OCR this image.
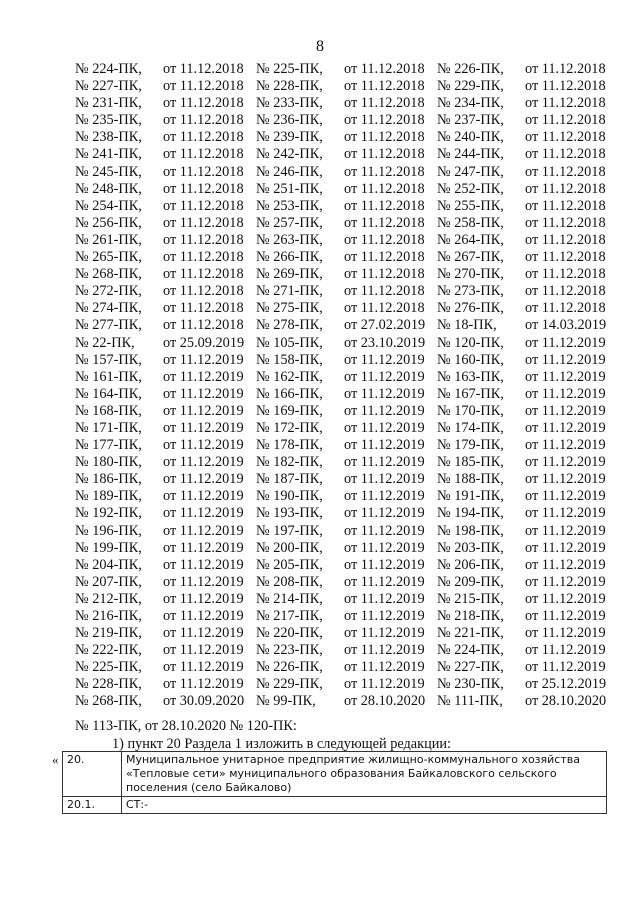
8
№ 224-ПК, от 11.12.2018 № 225-ПК, от 11.12.2018 № 226-ПК, от 11.12.2018
№ 227-ПК, от 11.12.2018 № 228-ПК, от 11.12.2018 № 229-ПК, от 11.12.2018
№ 231-ПК, от 11.12.2018 № 233-ПК, от 11.12.2018 № 234-ПК, от 11.12.2018
№ 235-ПК, от 11.12.2018 № 236-ПК, от 11.12.2018 № 237-ПК, от 11.12.2018
№ 238-ПК, от 11.12.2018 № 239-ПК, от 11.12.2018 № 240-ПК, от 11.12.2018
№ 241-ПК, от 11.12.2018 № 242-ПК, от 11.12.2018 № 244-ПК, от 11.12.2018
№ 245-ПК, от 11.12.2018 № 246-ПК, от 11.12.2018 № 247-ПК, от 11.12.2018
№ 248-ПК, от 11.12.2018 № 251-ПК, от 11.12.2018 № 252-ПК, от 11.12.2018
№ 254-ПК, от 11.12.2018 № 253-ПК, от 11.12.2018 № 255-ПК, от 11.12.2018
№ 256-ПК, от 11.12.2018 № 257-ПК, от 11.12.2018 № 258-ПК, от 11.12.2018
№ 261-ПК, от 11.12.2018 № 263-ПК, от 11.12.2018 № 264-ПК, от 11.12.2018
№ 265-ПК, от 11.12.2018 № 266-ПК, от 11.12.2018 № 267-ПК, от 11.12.2018
№ 268-ПК, от 11.12.2018 № 269-ПК, от 11.12.2018 № 270-ПК, от 11.12.2018
№ 272-ПК, от 11.12.2018 № 271-ПК, от 11.12.2018 № 273-ПК, от 11.12.2018
№ 274-ПК, от 11.12.2018 № 275-ПК, от 11.12.2018 № 276-ПК, от 11.12.2018
№ 277-ПК, от 11.12.2018 № 278-ПК, от 27.02.2019 № 18-ПК, от 14.03.2019
№ 22-ПК, от 25.09.2019 № 105-ПК, от 23.10.2019 № 120-ПК, от 11.12.2019
№ 157-ПК, от 11.12.2019 № 158-ПК, от 11.12.2019 № 160-ПК, от 11.12.2019
№ 161-ПК, от 11.12.2019 № 162-ПК, от 11.12.2019 № 163-ПК, от 11.12.2019
№ 164-ПК, от 11.12.2019 № 166-ПК, от 11.12.2019 № 167-ПК, от 11.12.2019
№ 168-ПК, от 11.12.2019 № 169-ПК, от 11.12.2019 № 170-ПК, от 11.12.2019
№ 171-ПК, от 11.12.2019 № 172-ПК, от 11.12.2019 № 174-ПК, от 11.12.2019
№ 177-ПК, от 11.12.2019 № 178-ПК, от 11.12.2019 № 179-ПК, от 11.12.2019
№ 180-ПК, от 11.12.2019 № 182-ПК, от 11.12.2019 № 185-ПК, от 11.12.2019
№ 186-ПК, от 11.12.2019 № 187-ПК, от 11.12.2019 № 188-ПК, от 11.12.2019
№ 189-ПК, от 11.12.2019 № 190-ПК, от 11.12.2019 № 191-ПК, от 11.12.2019
№ 192-ПК, от 11.12.2019 № 193-ПК, от 11.12.2019 № 194-ПК, от 11.12.2019
№ 196-ПК, от 11.12.2019 № 197-ПК, от 11.12.2019 № 198-ПК, от 11.12.2019
№ 199-ПК, от 11.12.2019 № 200-ПК, от 11.12.2019 № 203-ПК, от 11.12.2019
№ 204-ПК, от 11.12.2019 № 205-ПК, от 11.12.2019 № 206-ПК, от 11.12.2019
№ 207-ПК, от 11.12.2019 № 208-ПК, от 11.12.2019 № 209-ПК, от 11.12.2019
№ 212-ПК, от 11.12.2019 № 214-ПК, от 11.12.2019 № 215-ПК, от 11.12.2019
№ 216-ПК, от 11.12.2019 № 217-ПК, от 11.12.2019 № 218-ПК, от 11.12.2019
№ 219-ПК, от 11.12.2019 № 220-ПК, от 11.12.2019 № 221-ПК, от 11.12.2019
№ 222-ПК, от 11.12.2019 № 223-ПК, от 11.12.2019 № 224-ПК, от 11.12.2019
№ 225-ПК, от 11.12.2019 № 226-ПК, от 11.12.2019 № 227-ПК, от 11.12.2019
№ 228-ПК, от 11.12.2019 № 229-ПК, от 11.12.2019 № 230-ПК, от 25.12.2019
№ 268-ПК, от 30.09.2020 № 99-ПК, от 28.10.2020 № 111-ПК, от 28.10.2020
№ 113-ПК, от 28.10.2020 № 120-ПК:
1) пункт 20 Раздела 1 изложить в следующей редакции:
« 20.	Муниципальное унитарное предприятие жилищно-коммунального хозяйства «Тепловые сети» муниципального образования Байкаловского сельского поселения (село Байкалово)
20.1.	СТ:-
